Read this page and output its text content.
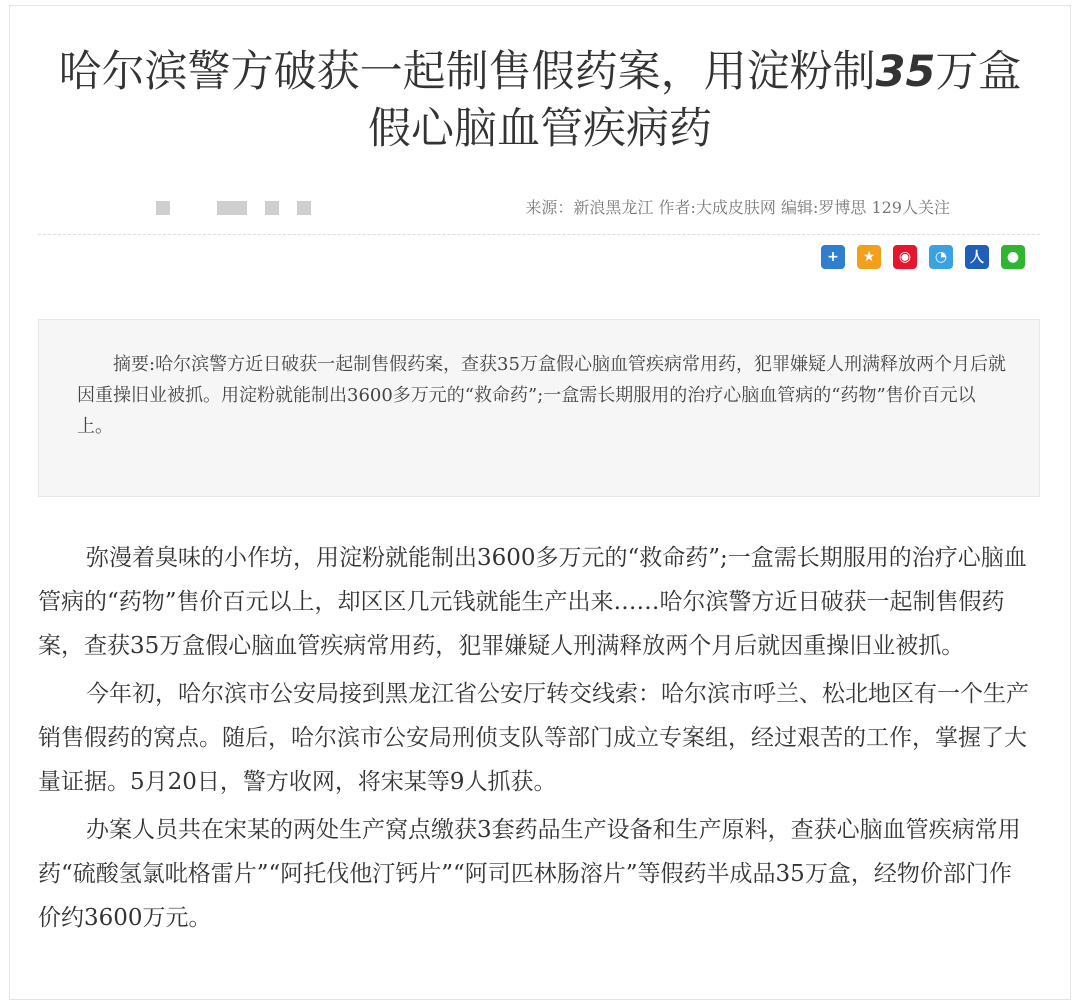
哈尔滨警方破获一起制售假药案，用淀粉制35万盒
假心脑血管疾病药
来源：新浪黑龙江 作者:大成皮肤网 编辑:罗博思 129人关注
+	★	◉	◔	人	●

摘要:哈尔滨警方近日破获一起制售假药案，查获35万盒假心脑血管疾病常用药，犯罪嫌疑人刑满释放两个月后就因重操旧业被抓。用淀粉就能制出3600多万元的“救命药”;一盒需长期服用的治疗心脑血管病的“药物”售价百元以上。

弥漫着臭味的小作坊，用淀粉就能制出3600多万元的“救命药”;一盒需长期服用的治疗心脑血管病的“药物”售价百元以上，却区区几元钱就能生产出来……哈尔滨警方近日破获一起制售假药案，查获35万盒假心脑血管疾病常用药，犯罪嫌疑人刑满释放两个月后就因重操旧业被抓。

今年初，哈尔滨市公安局接到黑龙江省公安厅转交线索：哈尔滨市呼兰、松北地区有一个生产销售假药的窝点。随后，哈尔滨市公安局刑侦支队等部门成立专案组，经过艰苦的工作，掌握了大量证据。5月20日，警方收网，将宋某等9人抓获。

办案人员共在宋某的两处生产窝点缴获3套药品生产设备和生产原料，查获心脑血管疾病常用药“硫酸氢氯吡格雷片”“阿托伐他汀钙片”“阿司匹林肠溶片”等假药半成品35万盒，经物价部门作价约3600万元。
